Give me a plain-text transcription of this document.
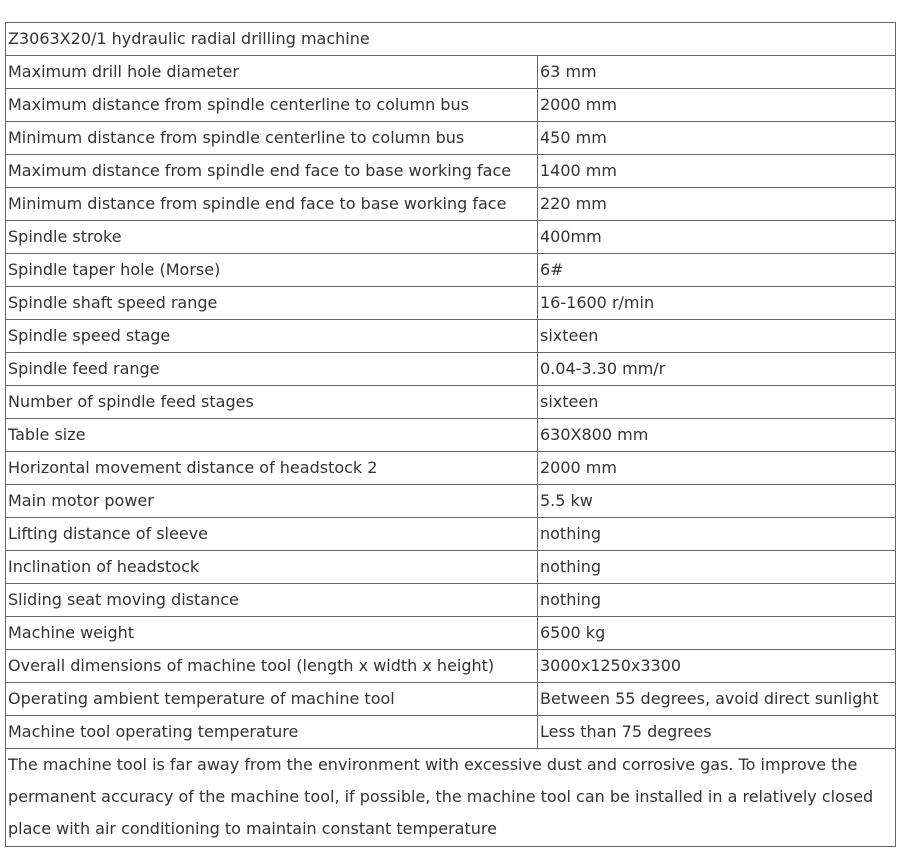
Z3063X20/1 hydraulic radial drilling machine	
Maximum drill hole diameter	63 mm
Maximum distance from spindle centerline to column bus	2000 mm
Minimum distance from spindle centerline to column bus	450 mm
Maximum distance from spindle end face to base working face	1400 mm
Minimum distance from spindle end face to base working face	220 mm
Spindle stroke	400mm
Spindle taper hole (Morse)	6#
Spindle shaft speed range	16-1600 r/min
Spindle speed stage	sixteen
Spindle feed range	0.04-3.30 mm/r
Number of spindle feed stages	sixteen
Table size	630X800 mm
Horizontal movement distance of headstock 2	2000 mm
Main motor power	5.5 kw
Lifting distance of sleeve	nothing
Inclination of headstock	nothing
Sliding seat moving distance	nothing
Machine weight	6500 kg
Overall dimensions of machine tool (length x width x height)	3000x1250x3300
Operating ambient temperature of machine tool	Between 55 degrees, avoid direct sunlight
Machine tool operating temperature	Less than 75 degrees
The machine tool is far away from the environment with excessive dust and corrosive gas. To improve the permanent accuracy of the machine tool, if possible, the machine tool can be installed in a relatively closed place with air conditioning to maintain constant temperature	
